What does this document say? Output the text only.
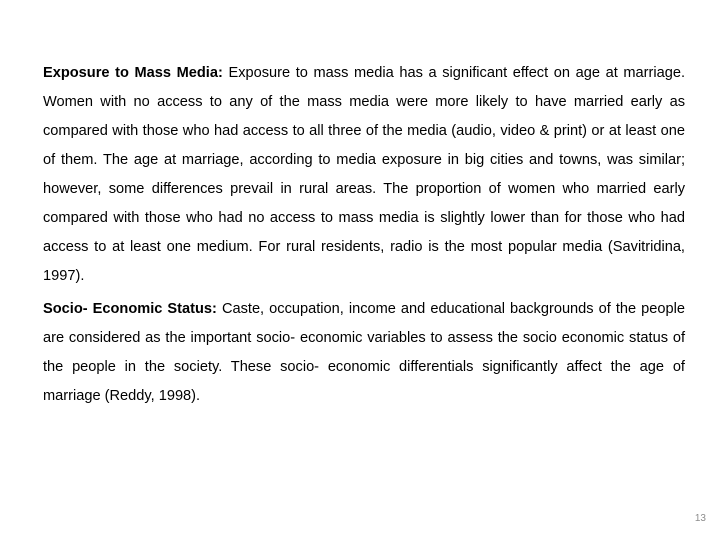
Exposure to Mass Media: Exposure to mass media has a significant effect on age at marriage. Women with no access to any of the mass media were more likely to have married early as compared with those who had access to all three of the media (audio, video & print) or at least one of them. The age at marriage, according to media exposure in big cities and towns, was similar; however, some differences prevail in rural areas. The proportion of women who married early compared with those who had no access to mass media is slightly lower than for those who had access to at least one medium. For rural residents, radio is the most popular media (Savitridina, 1997).

Socio- Economic Status: Caste, occupation, income and educational backgrounds of the people are considered as the important socio- economic variables to assess the socio economic status of the people in the society. These socio- economic differentials significantly affect the age of marriage (Reddy, 1998).

13
